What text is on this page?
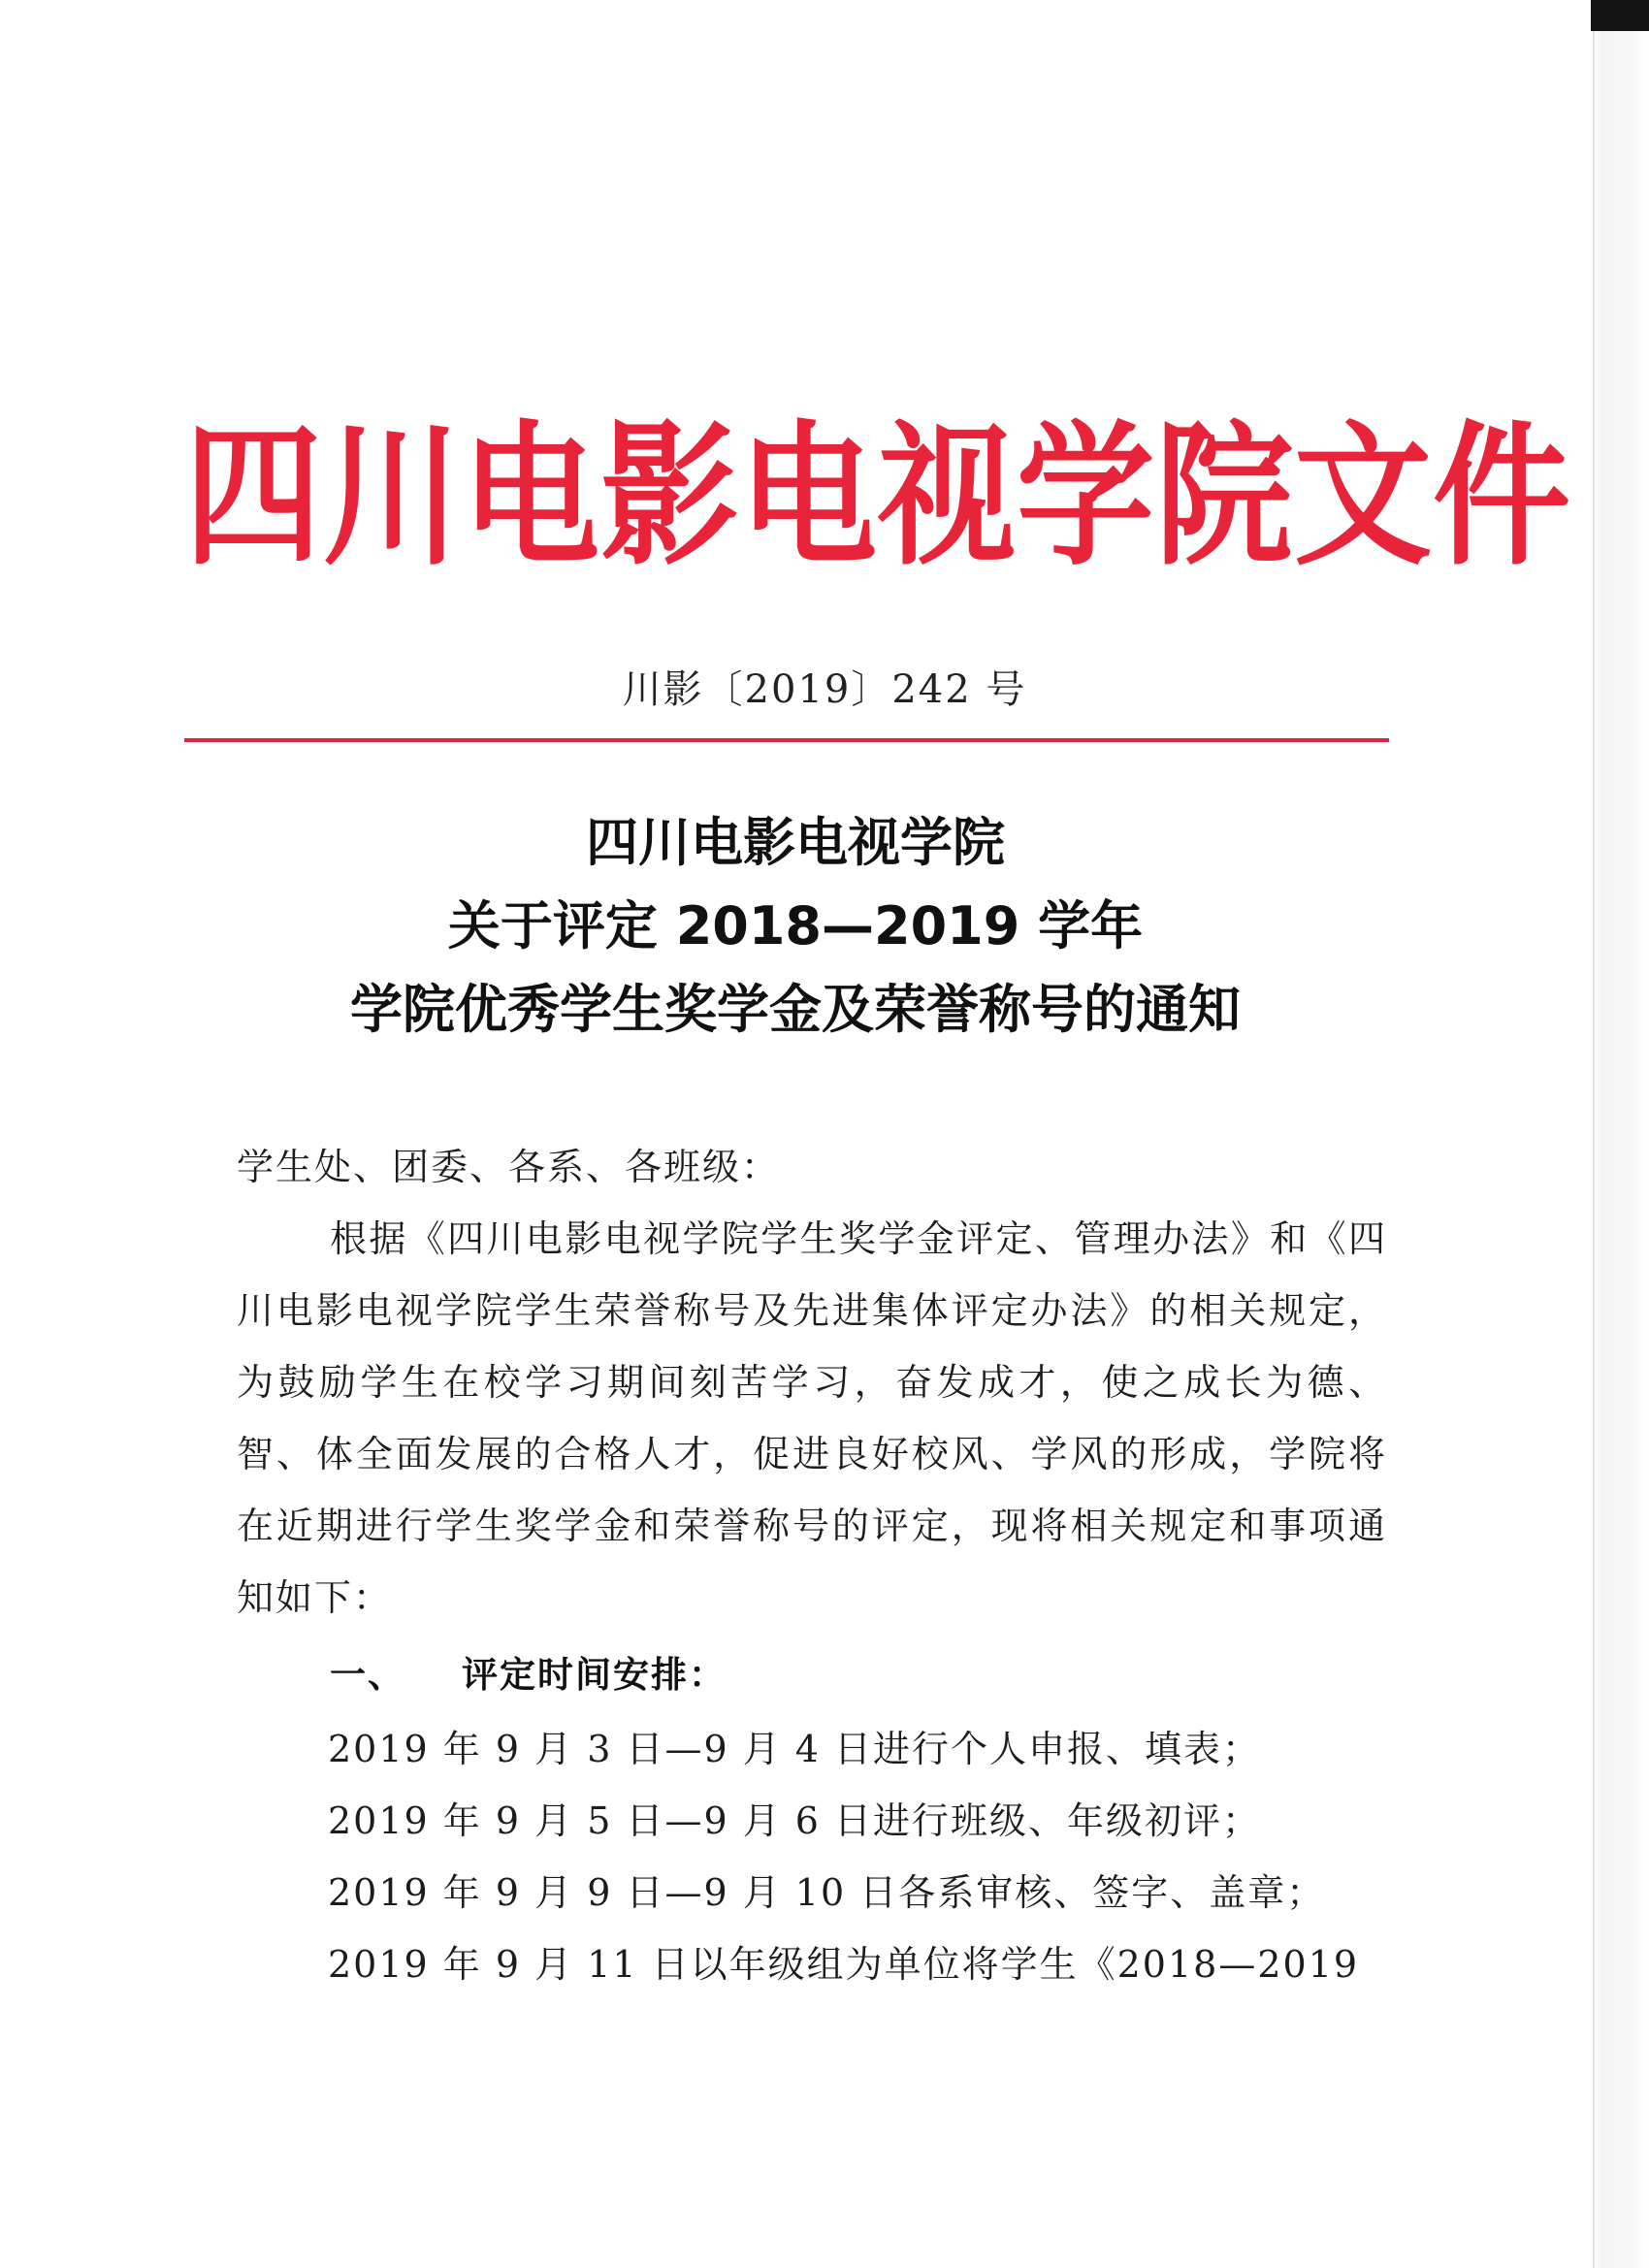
四川电影电视学院文件
川影〔2019〕242 号
四川电影电视学院
关于评定 2018—2019 学年
学院优秀学生奖学金及荣誉称号的通知
学生处、团委、各系、各班级：
根据《四川电影电视学院学生奖学金评定、管理办法》和《四川电影电视学院学生荣誉称号及先进集体评定办法》的相关规定，为鼓励学生在校学习期间刻苦学习，奋发成才，使之成长为德、智、体全面发展的合格人才，促进良好校风、学风的形成，学院将在近期进行学生奖学金和荣誉称号的评定，现将相关规定和事项通知如下：
一、 评定时间安排：
2019 年 9 月 3 日—9 月 4 日进行个人申报、填表；
2019 年 9 月 5 日—9 月 6 日进行班级、年级初评；
2019 年 9 月 9 日—9 月 10 日各系审核、签字、盖章；
2019 年 9 月 11 日以年级组为单位将学生《2018—2019
